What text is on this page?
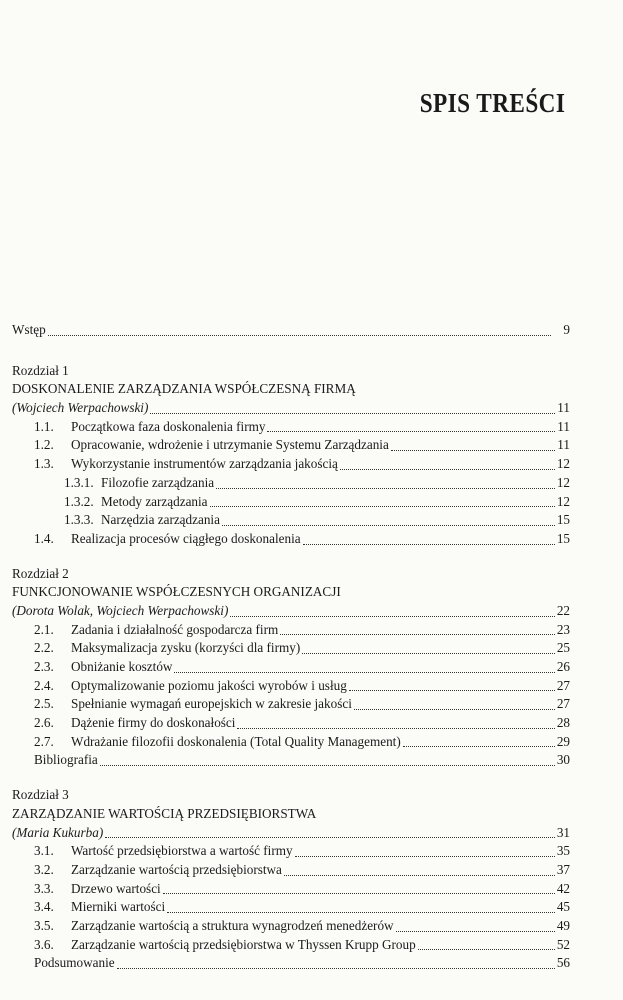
SPIS TREŚCI
Wstęp	9
Rozdział 1
DOSKONALENIE ZARZĄDZANIA WSPÓŁCZESNĄ FIRMĄ
(Wojciech Werpachowski)	11
1.1. Początkowa faza doskonalenia firmy	11
1.2. Opracowanie, wdrożenie i utrzymanie Systemu Zarządzania	11
1.3. Wykorzystanie instrumentów zarządzania jakością	12
1.3.1. Filozofie zarządzania	12
1.3.2. Metody zarządzania	12
1.3.3. Narzędzia zarządzania	15
1.4. Realizacja procesów ciągłego doskonalenia	15
Rozdział 2
FUNKCJONOWANIE WSPÓŁCZESNYCH ORGANIZACJI
(Dorota Wolak, Wojciech Werpachowski)	22
2.1. Zadania i działalność gospodarcza firm	23
2.2. Maksymalizacja zysku (korzyści dla firmy)	25
2.3. Obniżanie kosztów	26
2.4. Optymalizowanie poziomu jakości wyrobów i usług	27
2.5. Spełnianie wymagań europejskich w zakresie jakości	27
2.6. Dążenie firmy do doskonałości	28
2.7. Wdrażanie filozofii doskonalenia (Total Quality Management)	29
Bibliografia	30
Rozdział 3
ZARZĄDZANIE WARTOŚCIĄ PRZEDSIĘBIORSTWA
(Maria Kukurba)	31
3.1. Wartość przedsiębiorstwa a wartość firmy	35
3.2. Zarządzanie wartością przedsiębiorstwa	37
3.3. Drzewo wartości	42
3.4. Mierniki wartości	45
3.5. Zarządzanie wartością a struktura wynagrodzeń menedżerów	49
3.6. Zarządzanie wartością przedsiębiorstwa w Thyssen Krupp Group	52
Podsumowanie	56
